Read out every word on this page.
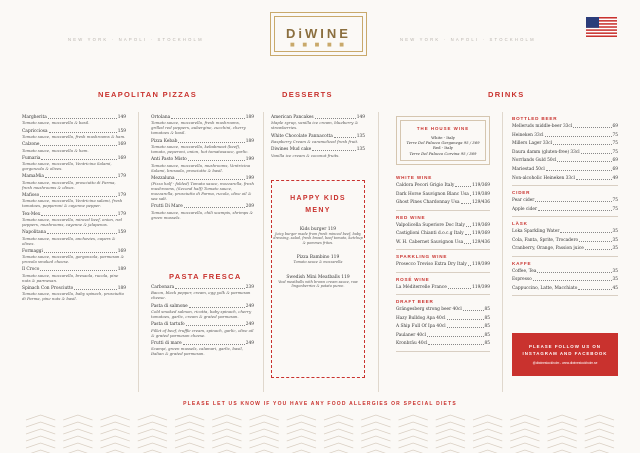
NEW YORK · NAPOLI · STOCKHOLM	DiWINE
■ ■ ■ ■ ■
NEW YORK · NAPOLI · STOCKHOLM
NEAPOLITAN PIZZAS	DESSERTS	DRINKS
PASTA FRESCA
Margherita	149
Tomato sauce, mozzarella & basil.
Capricciosa	159
Tomato sauce, mozzarella, fresh mushrooms & ham.
Calzone	169
Tomato sauce, mozzarella & ham.
Fumaria	169
Tomato sauce, mozzarella, Ventricina Salami, gorgonzola & olives.
MamaMia	179
Tomato sauce, mozzarella, prosciutto di Parma, fresh mushrooms & olives.
Mafioso	179
Tomato sauce, mozzarella, Ventricina salami, fresh tomatoes, pepperoni & cayenne pepper.
Tex-Mex	179
Tomato sauce, mozzarella, minced beef, onion, red peppers, mushrooms, cayenne & jalapenos.
Napolitana	159
Tomato sauce, mozzarella, anchovies, capers & olives.
Formaggi	169
Tomato sauce, mozzarella, gorgonzola, parmesan & provola smoked cheese.
Il Croco	189
Tomato sauce, mozzarella, bresaola, rucola, pine nuts & parmesan.
Spinach Con Prosciutto	189
Tomato sauce, mozzarella, baby spinach, prosciutto di Parma, pine nuts & basil.
Ortolana	189
Tomato sauce, mozzarella, fresh mushrooms, grilled red peppers, aubergine, zucchini, cherry tomatoes & basil.
Pizza Kebab	189
Tomato sauce, mozzarella, kebabmeat (beef), tomato, peperoni, onion, hot tomatosauce, garlic.
Anti Pasto Misto	199
Tomato sauce, mozzarella, mushrooms, Ventricina Salami, bresaola, prosciutto & basil.
Mezzaluna	199
(Pizza half - folded) Tomato sauce, mozzarella, fresh mushrooms, (Second half) Tomato sauce, mozzarella, prosciutto di Parma, rucola, olive oil & sea salt.
Frutti Di Mare	209
Tomato sauce, mozzarella, chili scampis, shrimps & green mussels.
Carbonara	239
Bacon, black pepper, cream, egg yolk & parmesan cheese.
Pasta di salmone	249
Cold smoked salmon, ricotta, baby spinach, cherry tomatoes, garlic, cream & grated parmesan.
Pasta di tartufo	249
Fillet of beef, truffle cream, spinach, garlic, olive oil & grated parmesan cheese.
Frutti di mare	249
Scampi, green mussels, calamari, garlic, basil, Italian & grated parmesan.
American Pancakes	149
Maple syrup, vanilla ice cream, blueberry & strawberries.
White Chocolate Pannacotta	135
Raspberry Cream & caramelized fresh fruit.
Diwines Mud cake	135
Vanilla ice cream & coconut fruits.
HAPPY KIDS
MENY
Kids burger 119
Juicy burger made from fresh minced beef, baby dressing, salad, fresh bread, beef tomato, ketchup & pommes frites.
Pizza Bambino 119
Tomato sauce & mozzarella
Swedish Mini Meatballs 119
Veal meatballs with brown cream sauce, raw lingonberries & potato puree.
THE HOUSE WINE
White - Italy
Terre Del Palazzo Garganega 95 / 369
Red - Italy
Terre Del Palazzo Corvina 95 / 369
WHITE WINE
Caldora Pecori Grigio Italy	119/369
Dark Horse Sauvignon Blanc Usa 119/389
Ghost Pines Chardonnay Usa	129/436
RED WINE
Valpolicella Superiore Doc Italy 119/369
Castiglioni Chianti d.o.c.g Italy 119/369
W. H. Cabernet Sauvignon Usa 129/436
SPARKLING WINE
Prosecco Treviso Extra Dry Italy 119/399
ROSÉ WINE
La Méditerrelle France	119/399
DRAFT BEER
Grängesberg strong beer 40cl	85
Hazy Bulldog Apa 40cl	85
A Ship Full Of Ipa 40cl	85
Paulaner 40cl	85
Kronbräu 40cl	85
BOTTLED BEER
Melleruds middle-beer 33cl	69
Heineken 33cl	75
Millers Lager 33cl	75
Daura damm (gluten-free) 33cl	75
Norrlands Guld 50cl	69
Mariestad 50cl	69
Non-alcoholic Heineken 33cl	49
CIDER
Pear cider	75
Apple cider	75
LÄSK
Loka Sparkling Water	35
Cola, Fanta, Sprite, Trocadero	35
Cranberry, Orange, Passion juice	35
KAFFE
Coffee, Tea	35
Espresso	35
Cappuccino, Latte, Macchiato	45
PLEASE FOLLOW US ON
INSTAGRAM AND FACEBOOK
@diwinestockholm - www.diwinestockholm.se
PLEASE LET US KNOW IF YOU HAVE ANY FOOD ALLERGIES OR SPECIAL DIETS
